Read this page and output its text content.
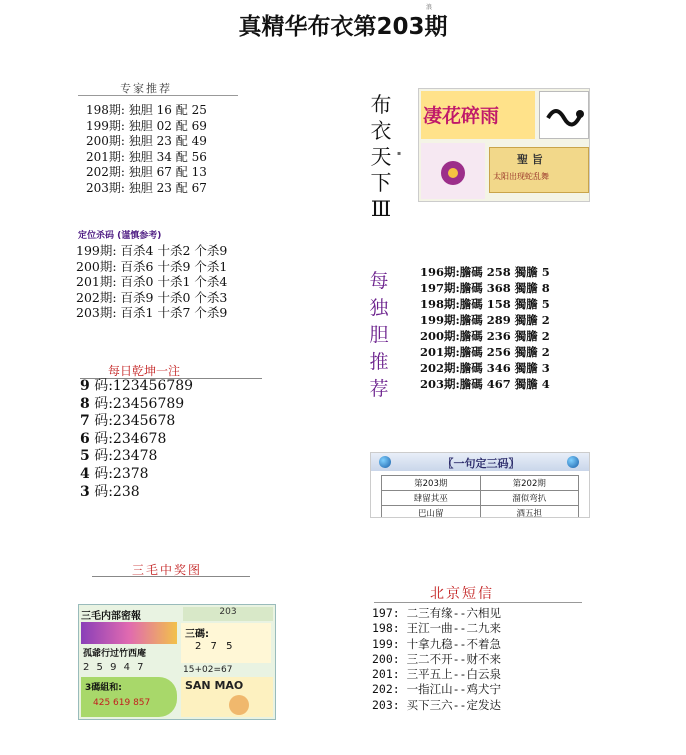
真精华布衣第203期
浪
专家推荐
198期: 独胆 16 配 25
199期: 独胆 02 配 69
200期: 独胆 23 配 49
201期: 独胆 34 配 56
202期: 独胆 67 配 13
203期: 独胆 23 配 67
定位杀码 (谨慎参考)
199期: 百杀4 十杀2 个杀9
200期: 百杀6 十杀9 个杀1
201期: 百杀0 十杀1 个杀4
202期: 百杀9 十杀0 个杀3
203期: 百杀1 十杀7 个杀9
每日乾坤一注
9 码:123456789
8 码:23456789
7 码:2345678
6 码:234678
5 码:23478
4 码:2378
3 码:238
三毛中奖图
三毛内部密報	203
三碼:
2 7 5
孤爺行过竹西庵
2 5 9 4 7	15+02=67
3碼組和:
425 619 857
SAN MAO
布
衣
天
下
Ⅲ
▪
凄花碎雨
聖 旨
太阳出现蛇乱舞
每
独
胆
推
荐
196期:膽碼 258 獨膽 5
197期:膽碼 368 獨膽 8
198期:膽碼 158 獨膽 5
199期:膽碼 289 獨膽 2
200期:膽碼 236 獨膽 2
201期:膽碼 256 獨膽 2
202期:膽碼 346 獨膽 3
203期:膽碼 467 獨膽 4
〖一句定三码〗
第203期	第202期
肆留其巫	溜似弯扒
巴山留	酒五担
北京短信
197: 二三有缘--六相见
198: 王江一曲--二九来
199: 十拿九稳--不着急
200: 三二不开--财不来
201: 三平五上--白云泉
202: 一指江山--鸡犬宁
203: 买下三六--定发达
